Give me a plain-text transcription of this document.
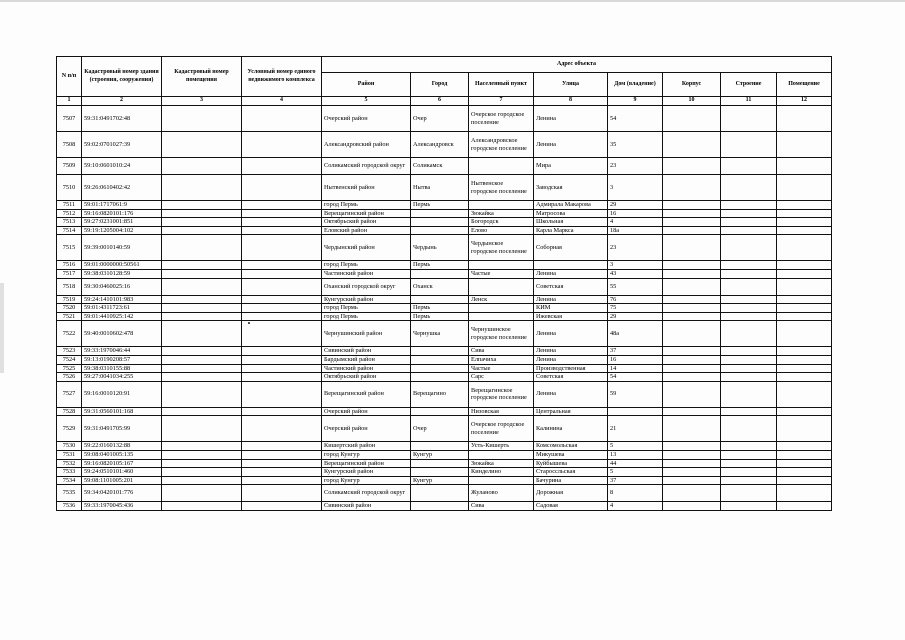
N п/п	Кадастровый номер здания (строения, сооружения)	Кадастровый номер помещения	Условный номер единого недвижимого комплекса	Адрес объекта							
				Район	Город	Населенный пункт	Улица	Дом (владение)	Корпус	Строение	Помещение
1	2	3	4	5	6	7	8	9	10	11	12
7507	59:31:0491702:48			Очерский район	Очер	Очерское городское поселение	Ленина	54			
7508	59:02:0701027:39			Александровский район	Александровск	Александровское городское поселение	Ленина	35			
7509	59:10:0601010:24			Соликамский городской округ	Соликамск		Мира	23			
7510	59:26:0610402:42			Нытвенский район	Нытва	Нытвенское городское поселение	Заводская	3			
7511	59:01:1717061:9			город Пермь	Пермь		Адмирала Макарова	29			
7512	59:16:0820101:176			Верещагинский район		Зюкайка	Матросова	16			
7513	59:27:0231001:851			Октябрьский район		Богородск	Школьная	4			
7514	59:19:1205004:102			Еловский район		Елово	Карла Маркса	18а			
7515	59:39:0010140:59			Чердынский район	Чердынь	Чердынское городское поселение	Соборная	23			
7516	59:01:0000000:50561			город Пермь	Пермь			3			
7517	59:38:0310128:59			Частинский район		Частые	Ленина	43			
7518	59:30:0460025:16			Оханский городской округ	Оханск		Советская	55			
7519	59:24:1410101:983			Кунгурский район		Ленск	Ленина	76			
7520	59:01:4311723:61			город Пермь	Пермь		КИМ	75			
7521	59:01:4410925:142			город Пермь	Пермь		Ижевская	29			
7522	59:40:0010602:478			Чернушинский район	Чернушка	Чернушинское городское поселение	Ленина	48а			
7523	59:33:1970046:44			Сивинский район		Сива	Ленина	37			
7524	59:13:0190208:57			Бардымский район		Елпачиха	Ленина	16			
7525	59:38:0310155:88			Частинский район		Частые	Производственная	14			
7526	59:27:0041034:255			Октябрьский район		Сарс	Советская	54			
7527	59:16:0010120:91			Верещагинский район	Верещагино	Верещагинское городское поселение	Ленина	59			
7528	59:31:0560101:168			Очерский район		Низовская	Центральная				
7529	59:31:0491705:99			Очерский район	Очер	Очерское городское поселение	Калинина	21			
7530	59:22:0160132:88			Кишертский район		Усть-Кишерть	Комсомольская	5			
7531	59:08:0401005:135			город Кунгур	Кунгур		Микушева	13			
7532	59:16:0820105:167			Верещагинский район		Зюкайка	Куйбышева	44			
7533	59:24:0510101:460			Кунгурский район		Кинделино	Староссльская	5			
7534	59:08:1101005:201			город Кунгур	Кунгур		Бачурина	37			
7535	59:34:0420101:776			Соликамский городской округ		Жуланово	Дорожная	8			
7536	59:33:1970045:436			Сивинский район		Сива	Садовая	4			
